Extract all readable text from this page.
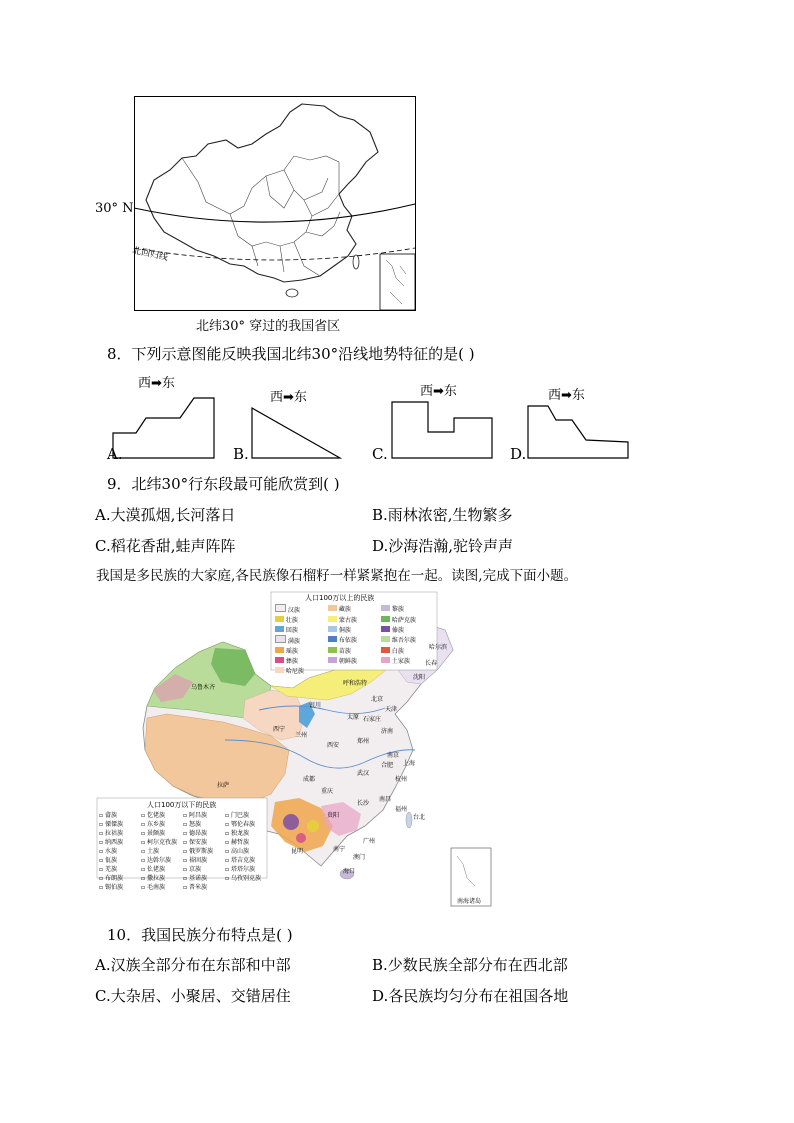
30° N
北回归线
北纬30° 穿过的我国省区
8．下列示意图能反映我国北纬30°沿线地势特征的是( )
A.
西➡东
B.
西➡东
C.
西➡东
D.
西➡东
9．北纬30°行东段最可能欣赏到( )
A.大漠孤烟,长河落日	B.雨林浓密,生物繁多
C.稻花香甜,蛙声阵阵	D.沙海浩瀚,驼铃声声
我国是多民族的大家庭,各民族像石榴籽一样紧紧抱在一起。读图,完成下面小题。
人口100万以上的民族
汉族	藏族	黎族
壮族	蒙古族	哈萨克族
回族	侗族	傣族
满族	布依族	维吾尔族
瑶族	苗族	白族
彝族	朝鲜族	土家族
哈尼族
人口100万以下的民族
▫ 畲族	▫ 仡佬族	▫ 阿昌族	▫ 门巴族
▫ 傈僳族	▫ 东乡族	▫ 怒族	▫ 鄂伦春族
▫ 拉祜族	▫ 景颇族	▫ 德昂族	▫ 独龙族
▫ 纳西族	▫ 柯尔克孜族	▫ 保安族	▫ 赫哲族
▫ 水族	▫ 土族	▫ 俄罗斯族	▫ 高山族
▫ 佤族	▫ 达斡尔族	▫ 裕固族	▫ 塔吉克族
▫ 羌族	▫ 仫佬族	▫ 京族	▫ 塔塔尔族
▫ 布朗族	▫ 撒拉族	▫ 基诺族	▫ 乌孜别克族
▫ 锡伯族	▫ 毛南族	▫ 普米族
乌鲁木齐
呼和浩特
北京
天津
银川
兰州
西宁
拉萨
成都
重庆
武汉
上海
台北
广州
澳门
昆明	南宁
长沙
南昌
杭州
南京
济南
沈阳
长春
哈尔滨
太原 石家庄
郑州
合肥
福州
贵阳
海口
西安
南海诸岛
10．我国民族分布特点是( )
A.汉族全部分布在东部和中部	B.少数民族全部分布在西北部
C.大杂居、小聚居、交错居住	D.各民族均匀分布在祖国各地
